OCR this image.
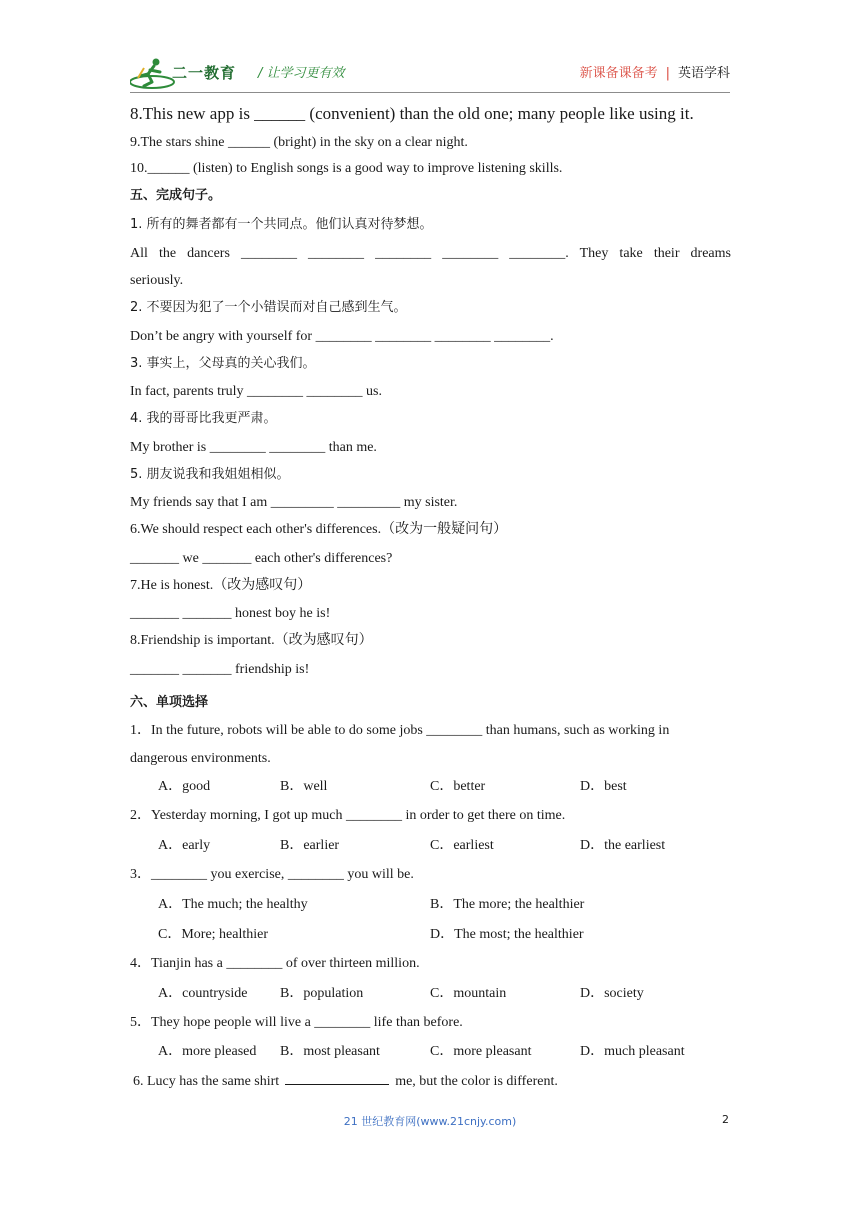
二一教育 / 让学习更有效	新课备课备考 | 英语学科
8.This new app is ______ (convenient) than the old one; many people like using it.
9.The stars shine ______ (bright) in the sky on a clear night.
10.______ (listen) to English songs is a good way to improve listening skills.
五、完成句子。
1. 所有的舞者都有一个共同点。他们认真对待梦想。
All the dancers ________ ________ ________ ________ ________. They take their dreams
seriously.
2. 不要因为犯了一个小错误而对自己感到生气。
Don’t be angry with yourself for ________ ________ ________ ________.
3. 事实上，父母真的关心我们。
In fact, parents truly ________ ________ us.
4. 我的哥哥比我更严肃。
My brother is ________ ________ than me.
5. 朋友说我和我姐姐相似。
My friends say that I am _________ _________ my sister.
6.We should respect each other's differences.（改为一般疑问句）
_______ we _______ each other's differences?
7.He is honest.（改为感叹句）
_______ _______ honest boy he is!
8.Friendship is important.（改为感叹句）
_______ _______ friendship is!
六、单项选择
1．In the future, robots will be able to do some jobs ________ than humans, such as working in
dangerous environments.
A．good	B．well	C．better	D．best
2．Yesterday morning, I got up much ________ in order to get there on time.
A．early	B．earlier	C．earliest	D．the earliest
3．________ you exercise, ________ you will be.
A．The much; the healthy	B．The more; the healthier
C．More; healthier	D．The most; the healthier
4．Tianjin has a ________ of over thirteen million.
A．countryside B．population	C．mountain	D．society
5．They hope people will live a ________ life than before.
A．more pleased B．most pleasant	C．more pleasant	D．much pleasant
6. Lucy has the same shirt	me, but the color is different.
21 世纪教育网(www.21cnjy.com)	2
